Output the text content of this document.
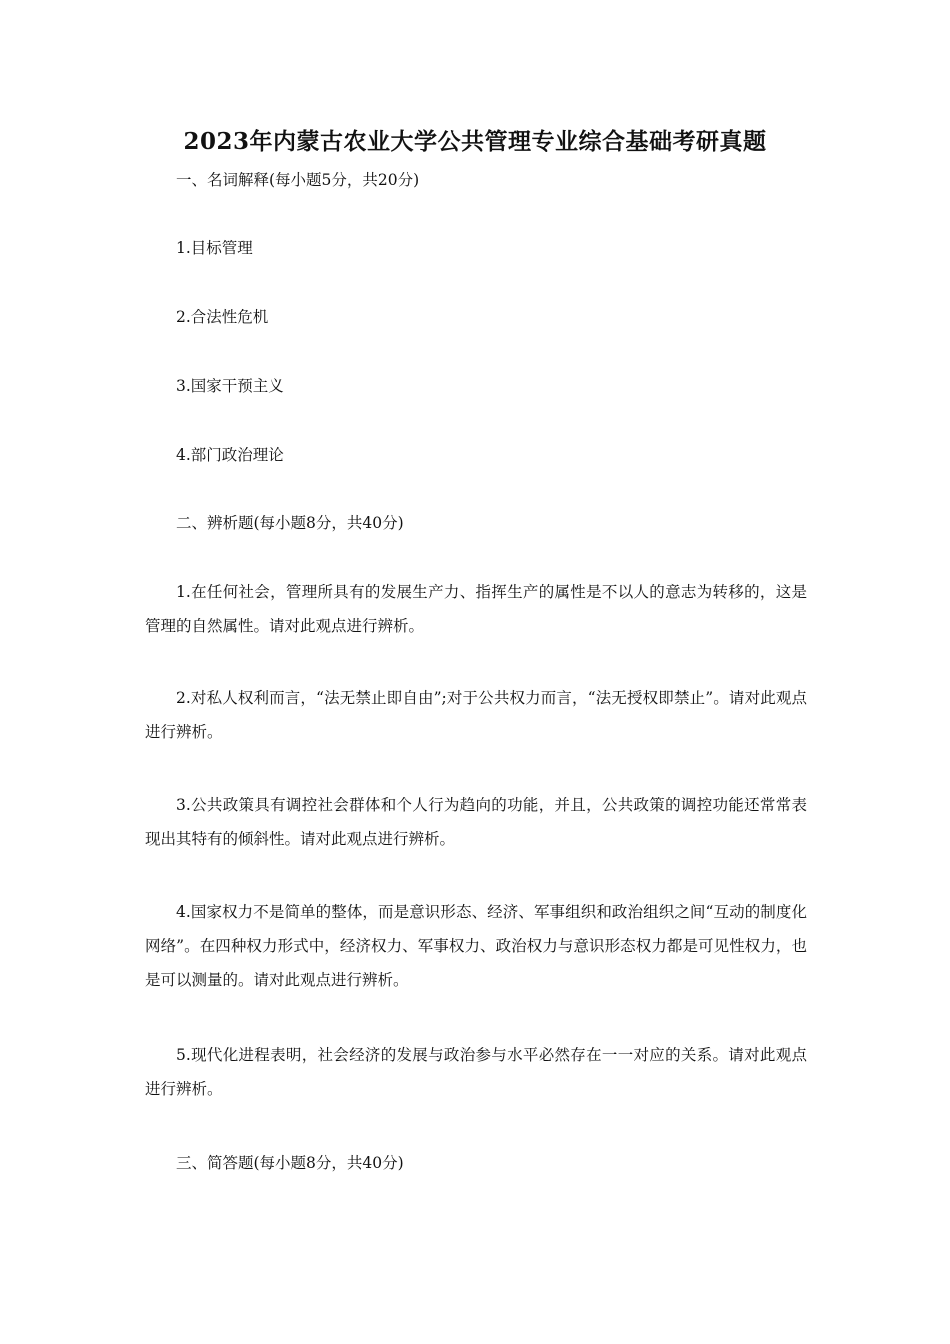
2023年内蒙古农业大学公共管理专业综合基础考研真题
一、名词解释(每小题5分，共20分)
1.目标管理
2.合法性危机
3.国家干预主义
4.部门政治理论
二、辨析题(每小题8分，共40分)
1.在任何社会，管理所具有的发展生产力、指挥生产的属性是不以人的意志为转移的，这是管理的自然属性。请对此观点进行辨析。
2.对私人权利而言，“法无禁止即自由”;对于公共权力而言，“法无授权即禁止”。请对此观点进行辨析。
3.公共政策具有调控社会群体和个人行为趋向的功能，并且，公共政策的调控功能还常常表现出其特有的倾斜性。请对此观点进行辨析。
4.国家权力不是简单的整体，而是意识形态、经济、军事组织和政治组织之间“互动的制度化网络”。在四种权力形式中，经济权力、军事权力、政治权力与意识形态权力都是可见性权力，也是可以测量的。请对此观点进行辨析。
5.现代化进程表明，社会经济的发展与政治参与水平必然存在一一对应的关系。请对此观点进行辨析。
三、简答题(每小题8分，共40分)
